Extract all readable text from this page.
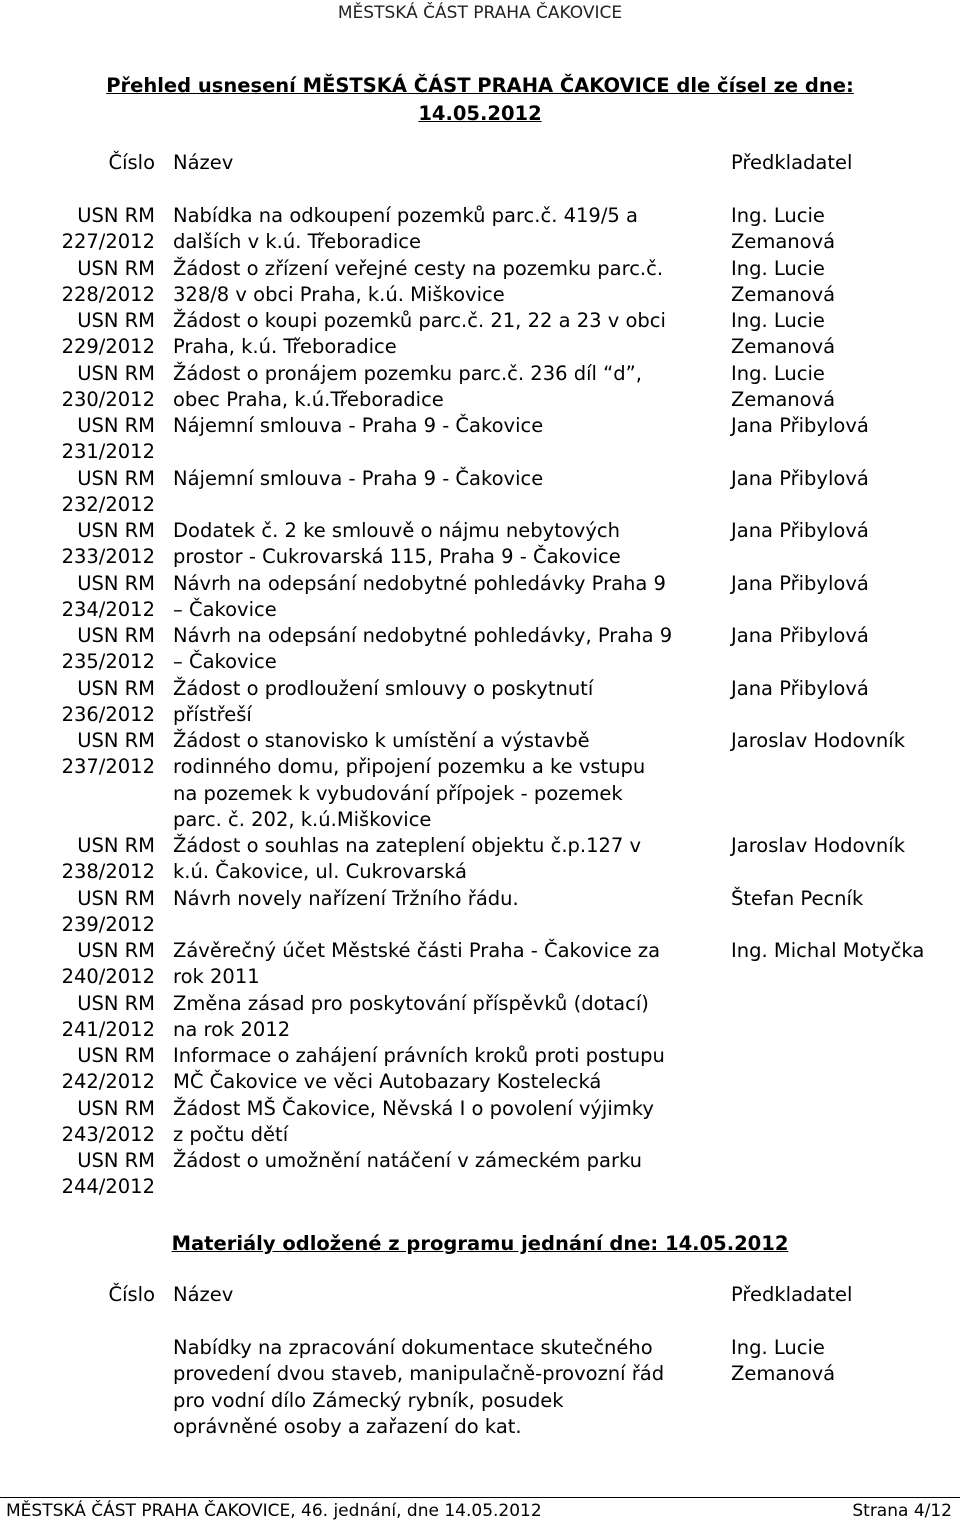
MĚSTSKÁ ČÁST PRAHA ČAKOVICE
Přehled usnesení MĚSTSKÁ ČÁST PRAHA ČAKOVICE dle čísel ze dne:
14.05.2012
Číslo Název	Předkladatel
USN RM Nabídka na odkoupení pozemků parc.č. 419/5 a	Ing. Lucie
227/2012 dalších v k.ú. Třeboradice	Zemanová
USN RM Žádost o zřízení veřejné cesty na pozemku parc.č.	Ing. Lucie
228/2012 328/8 v obci Praha, k.ú. Miškovice	Zemanová
USN RM Žádost o koupi pozemků parc.č. 21, 22 a 23 v obci	Ing. Lucie
229/2012 Praha, k.ú. Třeboradice	Zemanová
USN RM Žádost o pronájem pozemku parc.č. 236 díl “d”,	Ing. Lucie
230/2012 obec Praha, k.ú.Třeboradice	Zemanová
USN RM Nájemní smlouva - Praha 9 - Čakovice	Jana Přibylová
231/2012
USN RM Nájemní smlouva - Praha 9 - Čakovice	Jana Přibylová
232/2012
USN RM Dodatek č. 2 ke smlouvě o nájmu nebytových	Jana Přibylová
233/2012 prostor - Cukrovarská 115, Praha 9 - Čakovice
USN RM Návrh na odepsání nedobytné pohledávky Praha 9	Jana Přibylová
234/2012 – Čakovice
USN RM Návrh na odepsání nedobytné pohledávky, Praha 9	Jana Přibylová
235/2012 – Čakovice
USN RM Žádost o prodloužení smlouvy o poskytnutí	Jana Přibylová
236/2012 přístřeší
USN RM Žádost o stanovisko k umístění a výstavbě	Jaroslav Hodovník
237/2012 rodinného domu, připojení pozemku a ke vstupu
na pozemek k vybudování přípojek - pozemek
parc. č. 202, k.ú.Miškovice
USN RM Žádost o souhlas na zateplení objektu č.p.127 v	Jaroslav Hodovník
238/2012 k.ú. Čakovice, ul. Cukrovarská
USN RM Návrh novely nařízení Tržního řádu.	Štefan Pecník
239/2012
USN RM Závěrečný účet Městské části Praha - Čakovice za	Ing. Michal Motyčka
240/2012 rok 2011
USN RM Změna zásad pro poskytování příspěvků (dotací)
241/2012 na rok 2012
USN RM Informace o zahájení právních kroků proti postupu
242/2012 MČ Čakovice ve věci Autobazary Kostelecká
USN RM Žádost MŠ Čakovice, Něvská I o povolení výjimky
243/2012 z počtu dětí
USN RM Žádost o umožnění natáčení v zámeckém parku
244/2012
Materiály odložené z programu jednání dne: 14.05.2012
Číslo Název	Předkladatel
Nabídky na zpracování dokumentace skutečného	Ing. Lucie
provedení dvou staveb, manipulačně-provozní řád	Zemanová
pro vodní dílo Zámecký rybník, posudek
oprávněné osoby a zařazení do kat.
MĚSTSKÁ ČÁST PRAHA ČAKOVICE, 46. jednání, dne 14.05.2012	Strana 4/12
